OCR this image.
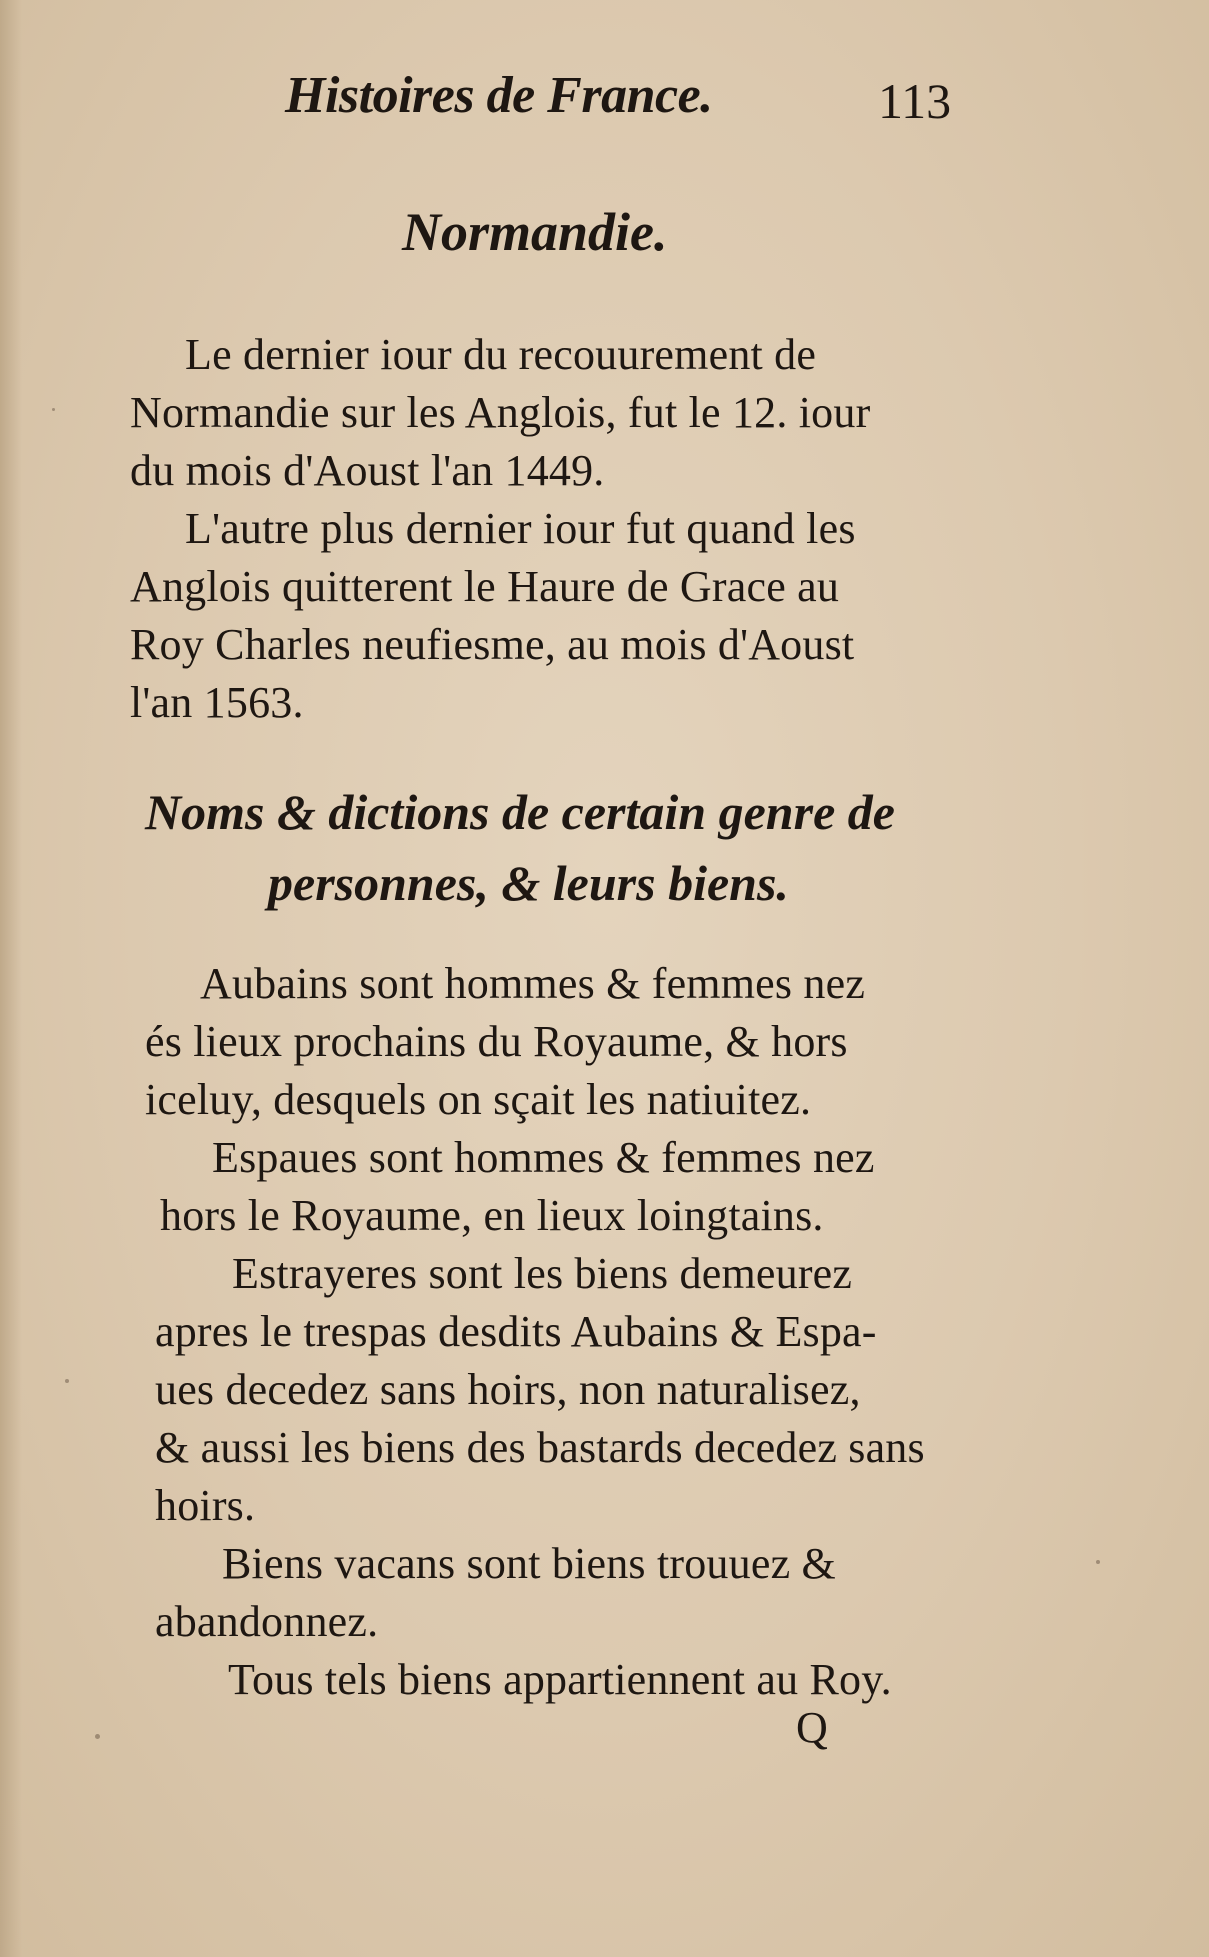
Histoires de France.	113
Normandie.
Le dernier iour du recouurement de
Normandie sur les Anglois, fut le 12. iour
du mois d'Aoust l'an 1449.
L'autre plus dernier iour fut quand les
Anglois quitterent le Haure de Grace au
Roy Charles neufiesme, au mois d'Aoust
l'an 1563.
Noms & dictions de certain genre de
personnes, & leurs biens.
Aubains sont hommes & femmes nez
és lieux prochains du Royaume, & hors
iceluy, desquels on sçait les natiuitez.
Espaues sont hommes & femmes nez
hors le Royaume, en lieux loingtains.
Estrayeres sont les biens demeurez
apres le trespas desdits Aubains & Espa-
ues decedez sans hoirs, non naturalisez,
& aussi les biens des bastards decedez sans
hoirs.
Biens vacans sont biens trouuez &
abandonnez.
Tous tels biens appartiennent au Roy.
Q
